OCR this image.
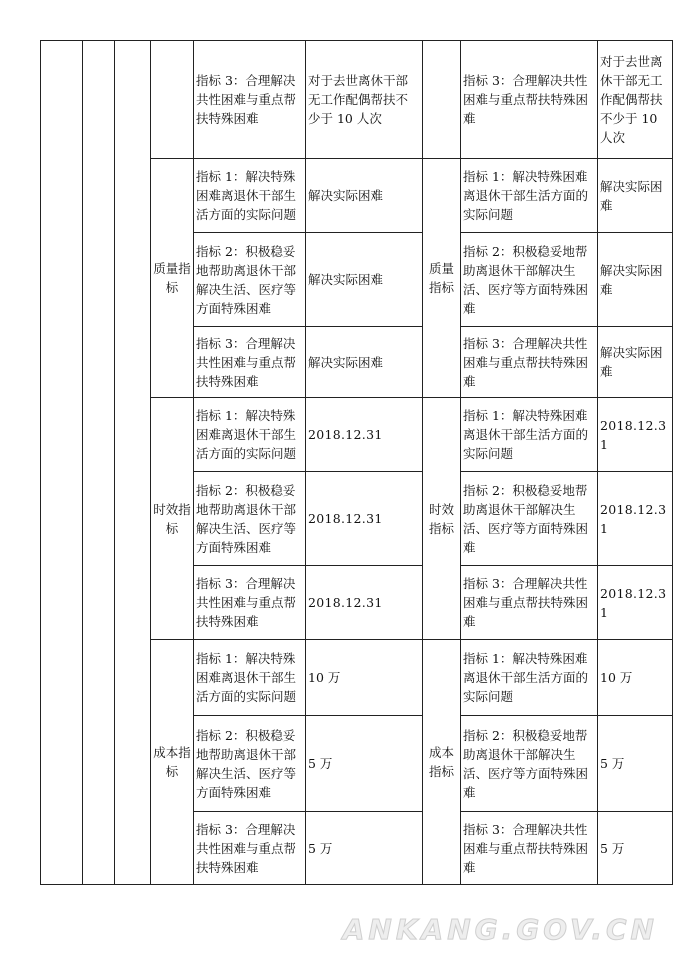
				指标 3：合理解决共性困难与重点帮扶特殊困难	对于去世离休干部无工作配偶帮扶不少于 10 人次		指标 3：合理解决共性困难与重点帮扶特殊困难	对于去世离休干部无工作配偶帮扶不少于 10 人次
			质量指标	指标 1：解决特殊困难离退休干部生活方面的实际问题	解决实际困难	质量指标	指标 1：解决特殊困难离退休干部生活方面的实际问题	解决实际困难
				指标 2：积极稳妥地帮助离退休干部解决生活、医疗等方面特殊困难	解决实际困难		指标 2：积极稳妥地帮助离退休干部解决生活、医疗等方面特殊困难	解决实际困难
				指标 3：合理解决共性困难与重点帮扶特殊困难	解决实际困难		指标 3：合理解决共性困难与重点帮扶特殊困难	解决实际困难
			时效指标	指标 1：解决特殊困难离退休干部生活方面的实际问题	2018.12.31	时效指标	指标 1：解决特殊困难离退休干部生活方面的实际问题	2018.12.31
				指标 2：积极稳妥地帮助离退休干部解决生活、医疗等方面特殊困难	2018.12.31		指标 2：积极稳妥地帮助离退休干部解决生活、医疗等方面特殊困难	2018.12.31
				指标 3：合理解决共性困难与重点帮扶特殊困难	2018.12.31		指标 3：合理解决共性困难与重点帮扶特殊困难	2018.12.31
			成本指标	指标 1：解决特殊困难离退休干部生活方面的实际问题	10 万	成本指标	指标 1：解决特殊困难离退休干部生活方面的实际问题	10 万
				指标 2：积极稳妥地帮助离退休干部解决生活、医疗等方面特殊困难	5 万		指标 2：积极稳妥地帮助离退休干部解决生活、医疗等方面特殊困难	5 万
				指标 3：合理解决共性困难与重点帮扶特殊困难	5 万		指标 3：合理解决共性困难与重点帮扶特殊困难	5 万
ANKANG.GOV.CN
